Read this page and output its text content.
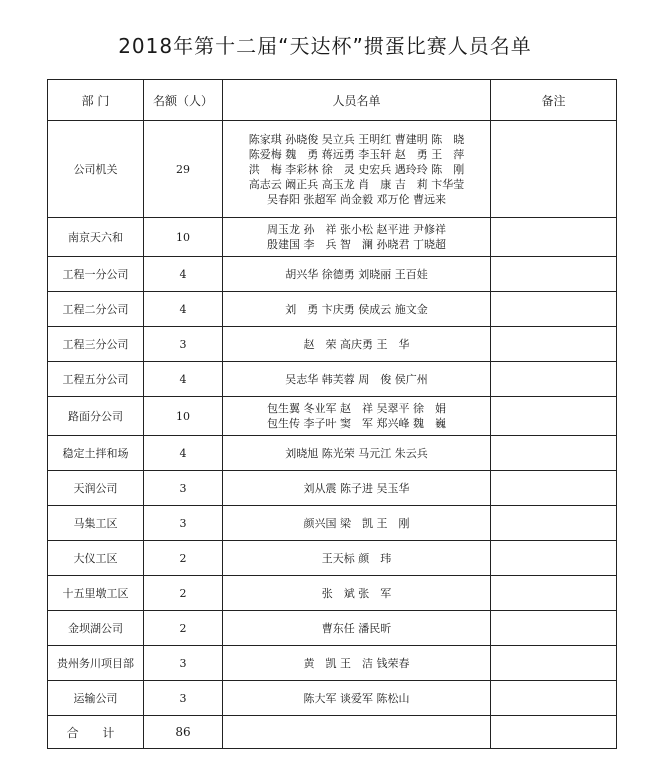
2018年第十二届“天达杯”掼蛋比赛人员名单
部 门	名额（人）	人员名单	备注
公司机关	29	陈家琪 孙晓俊 吴立兵 王明红 曹建明 陈　晓
陈爱梅 魏　勇 蒋远勇 李玉轩 赵　勇 王　萍
洪　梅 李彩林 徐　灵 史宏兵 遇玲玲 陈　刚
高志云 阚正兵 高玉龙 肖　康 吉　莉 卞华莹
吴春阳 张超军 尚金毅 邓万伦 曹远来	

南京天六和	10	周玉龙 孙　祥 张小松 赵平进 尹修祥
殷建国 李　兵 智　澜 孙晓君 丁晓超	

工程一分公司	4	胡兴华 徐德勇 刘晓丽 王百娃	

工程二分公司	4	刘　勇 卞庆勇 侯成云 施文金	

工程三分公司	3	赵　荣 高庆勇 王　华	

工程五分公司	4	吴志华 韩芙蓉 周　俊 侯广州	

路面分公司	10	包生翼 冬业军 赵　祥 吴翠平 徐　娟
包生传 李子叶 窦　军 郑兴峰 魏　巍	

稳定土拌和场	4	刘晓旭 陈光荣 马元江 朱云兵	

天润公司	3	刘从震 陈子进 吴玉华	

马集工区	3	颜兴国 梁　凯 王　刚	

大仪工区	2	王天标 颜　玮	

十五里墩工区	2	张　斌 张　军	

金坝湖公司	2	曹东任 潘民昕	

贵州务川项目部	3	黄　凯 王　洁 钱荣春	

运输公司	3	陈大军 谈爱军 陈松山	

合 计	86		
